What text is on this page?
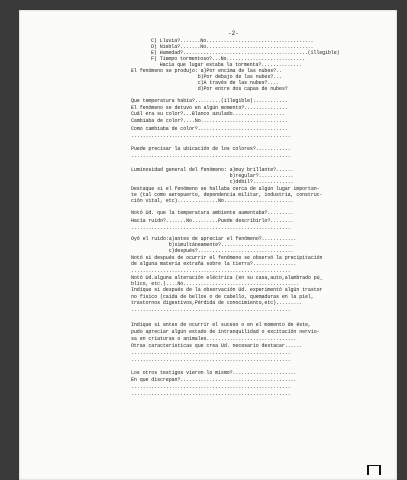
-2-
C) Lluvia?.......No.....................................
D) Niebla?.......No.....................................
E) Humedad?...........................................(illegible)
F) Tiempo tormentoso?...No...........................
Hacia que lugar estaba la tormenta?..............
El fenómeno se produjo: a)Por encima de las nubes?..
b)Por debajo de las nubes?...
c)A través de las nubes?....
d)Por entre dos capas de nubes?
Que temperatura había?.........(illegible)............
El fenómeno se detuvo en algún momento?...............
Cuál era su color?...Blanco azulado..................
Cambiaba de color?....No..............................
Como cambiaba de color?...............................
.......................................................
Puede precisar la ubicación de los colores?............
.......................................................
Luminosidad general del fenómeno: a)muy brillante?......
b)regular?............
c)débil?..............
Destaque si el fenómeno se hallaba cerca de algún lugar importan-
te (tal como aeropuerto, dependencia militar, industria, construc-
ción vital, etc)..............No........................
Notó Ud. que la temperatura ambiente aumentaba?.........
Hacía ruido?.......No.........Puede describirlo?........
.......................................................
Oyó el ruido:a)antes de apreciar el fenómeno?............
b)simultáneamente?.........................
c)después?.................................
Notó si después de ocurrir el fenómeno se observó la precipitación
de alguna materia extraña sobre la tierra?...............
.......................................................
Notó Ud.alguna alteración eléctrica (en su casa,auto,alumbrado pú_
blico, etc.)....No........................................
Indique si después de la observación Ud. experimentó algún trastor
no físico (caída de bellos o de cabello, quemaduras en la piel,
trastornos digestivos,Pérdida de conocimiento,etc).........
.......................................................
Indique si antes de ocurrir el suceso o en el momento de éste,
pudo apreciar algún estado de intranquilidad o excitación nervio-
sa en criaturas o animales...............................
Otras características que crea Ud. necesario destacar......
.......................................................
.......................................................
Los otros testigos vieron lo mismo?......................
En que discrepan?........................................
.......................................................
.......................................................
